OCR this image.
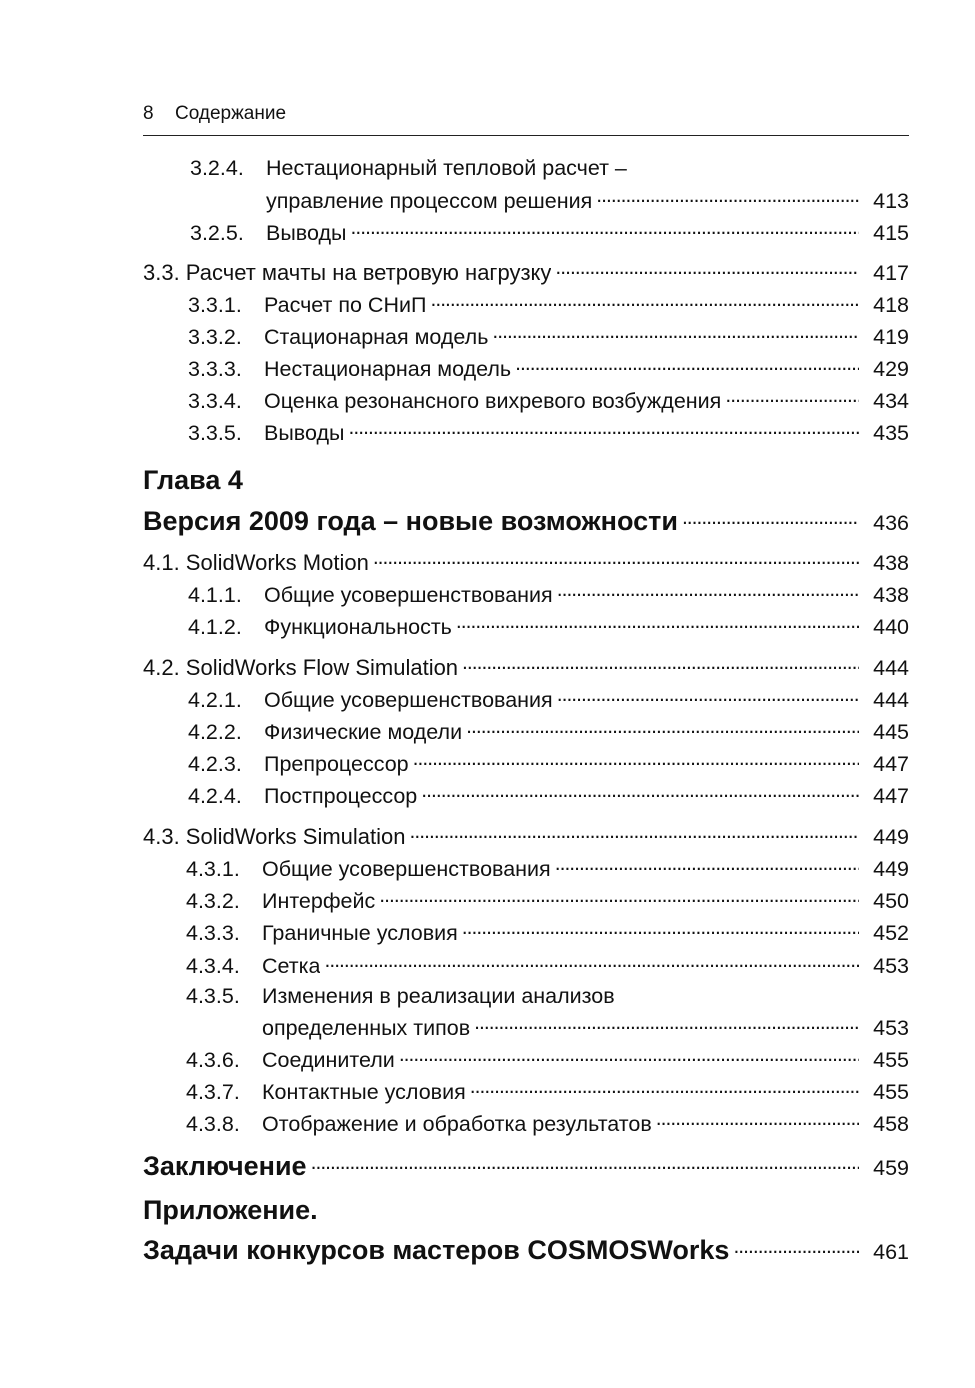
8 Содержание
3.2.4. Нестационарный тепловой расчет –
управление процессом решения . . .	413
3.2.5.	Выводы . . .	415
3.3. Расчет мачты на ветровую нагрузку . . .	417
3.3.1.	Расчет по СНиП . . .	418
3.3.2.	Стационарная модель . . .	419
3.3.3.	Нестационарная модель . . .	429
3.3.4.	Оценка резонансного вихревого возбуждения . . .	434
3.3.5.	Выводы . . .	435
Глава 4
Версия 2009 года – новые возможности . . .	436
4.1. SolidWorks Motion . . .	438
4.1.1.	Общие усовершенствования . . .	438
4.1.2.	Функциональность . . .	440
4.2. SolidWorks Flow Simulation . . .	444
4.2.1.	Общие усовершенствования . . .	444
4.2.2.	Физические модели . . .	445
4.2.3.	Препроцессор . . .	447
4.2.4.	Постпроцессор . . .	447
4.3. SolidWorks Simulation . . .	449
4.3.1.	Общие усовершенствования . . .	449
4.3.2.	Интерфейс . . .	450
4.3.3.	Граничные условия . . .	452
4.3.4.	Сетка . . .	453
4.3.5. Изменения в реализации анализов
определенных типов . . .	453
4.3.6.	Соединители . . .	455
4.3.7.	Контактные условия . . .	455
4.3.8.	Отображение и обработка результатов . . .	458
Заключение . . .	459
Приложение.
Задачи конкурсов мастеров COSMOSWorks . . .	461
